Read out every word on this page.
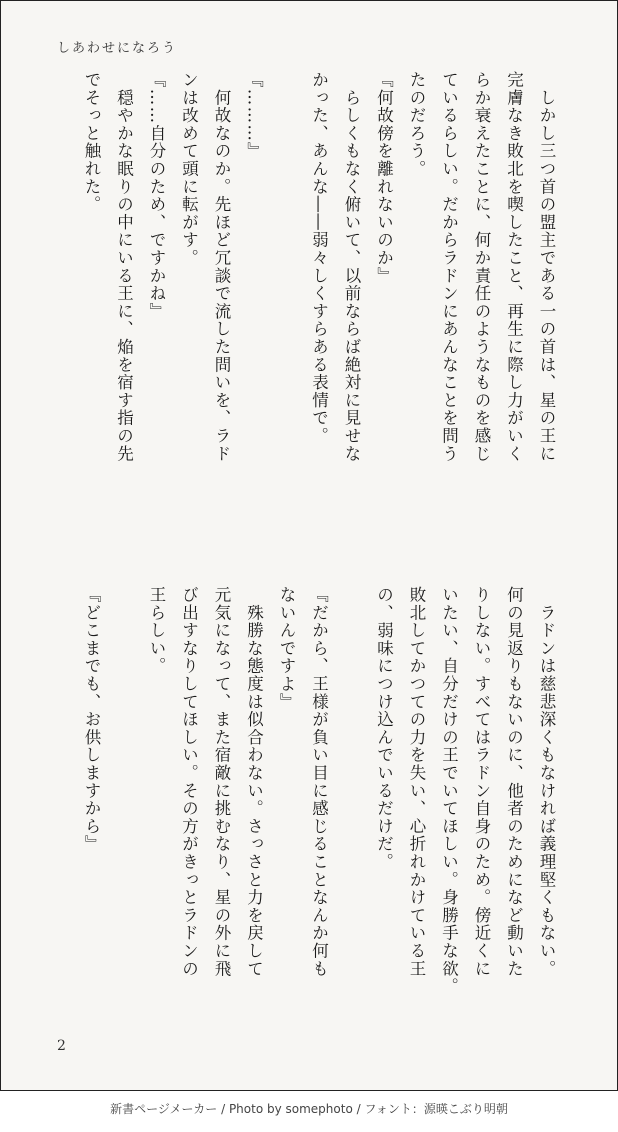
しあわせになろう
　しかし三つ首の盟主である一の首は、星の王に
完膚なき敗北を喫したこと、再生に際し力がいく
らか衰えたことに、何か責任のようなものを感じ
ているらしい。だからラドンにあんなことを問う
たのだろう。
『何故傍を離れないのか』
　らしくもなく俯いて、以前ならば絶対に見せな
かった、あんな――弱々しくすらある表情で。

『………』
　何故なのか。先ほど冗談で流した問いを、ラド
ンは改めて頭に転がす。
『……自分のため、ですかね』
　穏やかな眠りの中にいる王に、焔を宿す指の先
でそっと触れた。
　ラドンは慈悲深くもなければ義理堅くもない。
何の見返りもないのに、他者のためになど動いた
りしない。すべてはラドン自身のため。傍近くに
いたい、自分だけの王でいてほしい。身勝手な欲。
敗北してかつての力を失い、心折れかけている王
の、弱味につけ込んでいるだけだ。

『だから、王様が負い目に感じることなんか何も
ないんですよ』
　殊勝な態度は似合わない。さっさと力を戻して
元気になって、また宿敵に挑むなり、星の外に飛
び出すなりしてほしい。その方がきっとラドンの
王らしい。

『どこまでも、お供しますから』
2
新書ページメーカー / Photo by somephoto / フォント：源暎こぶり明朝
